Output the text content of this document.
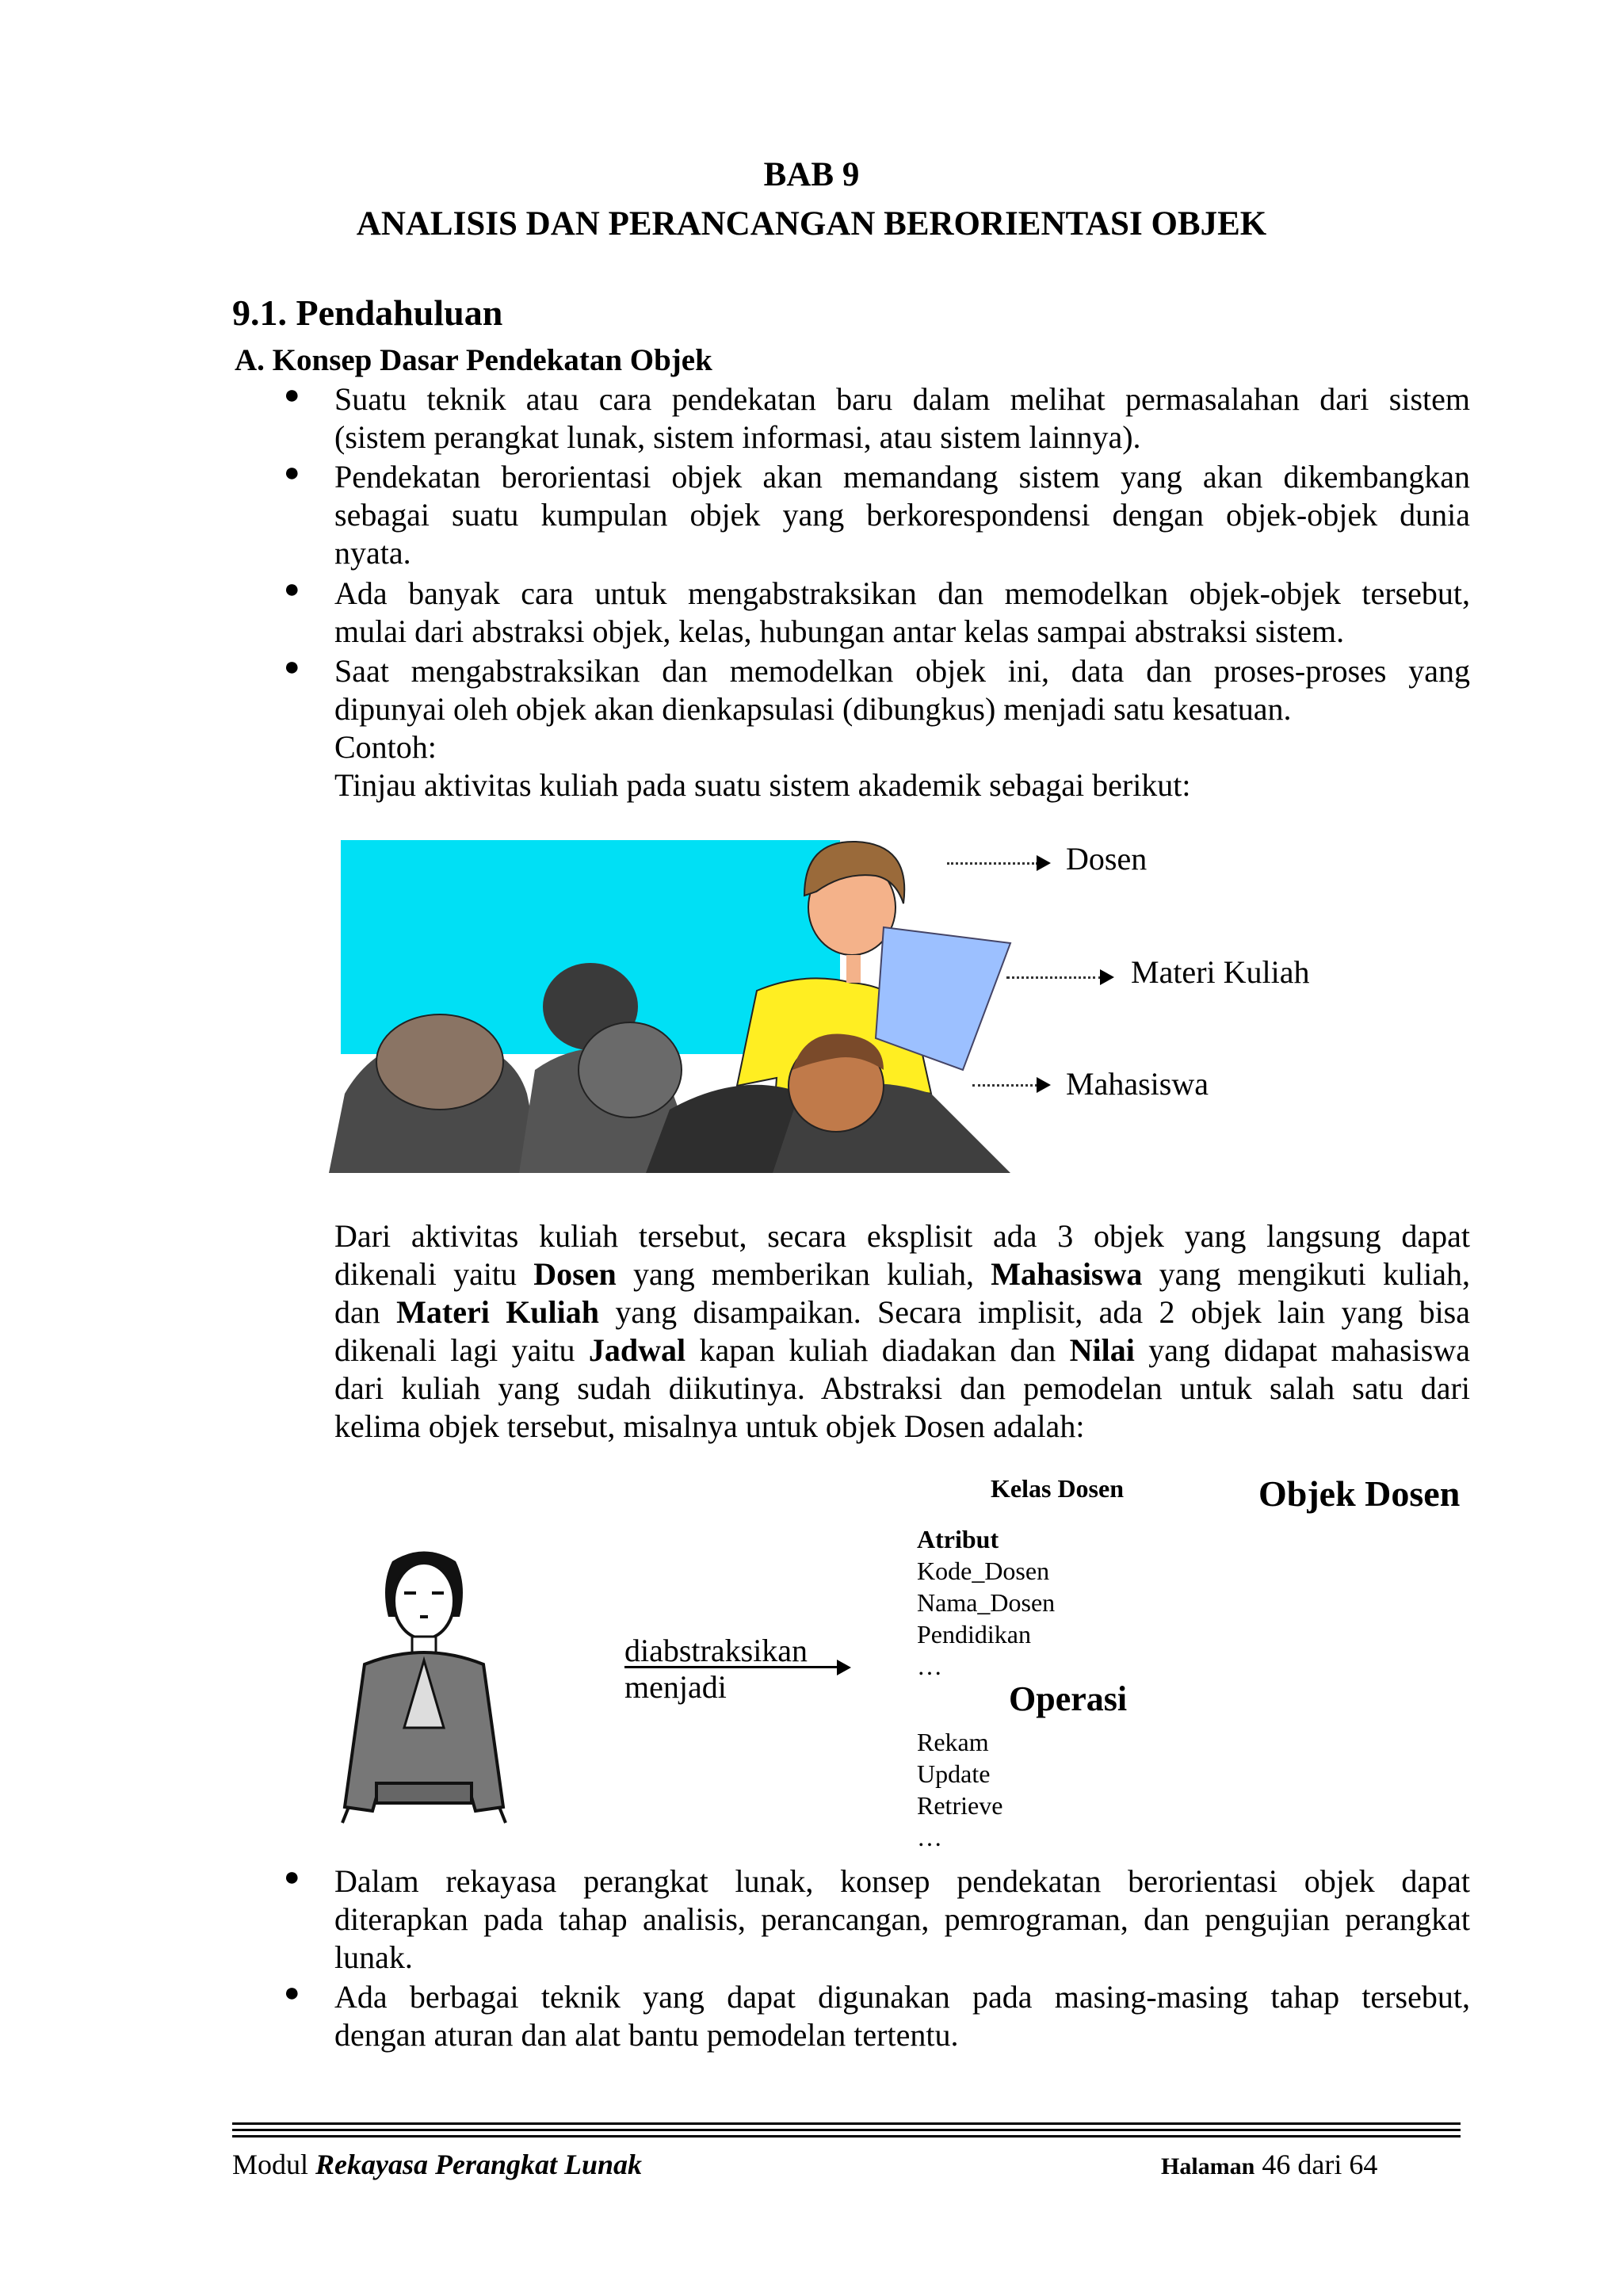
BAB 9
ANALISIS DAN PERANCANGAN BERORIENTASI OBJEK
9.1. Pendahuluan
A. Konsep Dasar Pendekatan Objek
● Suatu teknik atau cara pendekatan baru dalam melihat permasalahan dari sistem
(sistem perangkat lunak, sistem informasi, atau sistem lainnya).
● Pendekatan berorientasi objek akan memandang sistem yang akan dikembangkan
sebagai suatu kumpulan objek yang berkorespondensi dengan objek-objek dunia
nyata.
● Ada banyak cara untuk mengabstraksikan dan memodelkan objek-objek tersebut,
mulai dari abstraksi objek, kelas, hubungan antar kelas sampai abstraksi sistem.
● Saat mengabstraksikan dan memodelkan objek ini, data dan proses-proses yang
dipunyai oleh objek akan dienkapsulasi (dibungkus) menjadi satu kesatuan.
Contoh:
Tinjau aktivitas kuliah pada suatu sistem akademik sebagai berikut:
Dosen
Materi Kuliah
Mahasiswa
Dari aktivitas kuliah tersebut, secara eksplisit ada 3 objek yang langsung dapat
dikenali yaitu Dosen yang memberikan kuliah, Mahasiswa yang mengikuti kuliah,
dan Materi Kuliah yang disampaikan. Secara implisit, ada 2 objek lain yang bisa
dikenali lagi yaitu Jadwal kapan kuliah diadakan dan Nilai yang didapat mahasiswa
dari kuliah yang sudah diikutinya. Abstraksi dan pemodelan untuk salah satu dari
kelima objek tersebut, misalnya untuk objek Dosen adalah:
diabstraksikan
menjadi
Kelas Dosen	Objek Dosen
Atribut
Kode_Dosen
Nama_Dosen
Pendidikan
…
Operasi
Rekam
Update
Retrieve
…
● Dalam rekayasa perangkat lunak, konsep pendekatan berorientasi objek dapat
diterapkan pada tahap analisis, perancangan, pemrograman, dan pengujian perangkat
lunak.
● Ada berbagai teknik yang dapat digunakan pada masing-masing tahap tersebut,
dengan aturan dan alat bantu pemodelan tertentu.
Modul Rekayasa Perangkat Lunak	Halaman 46 dari 64
